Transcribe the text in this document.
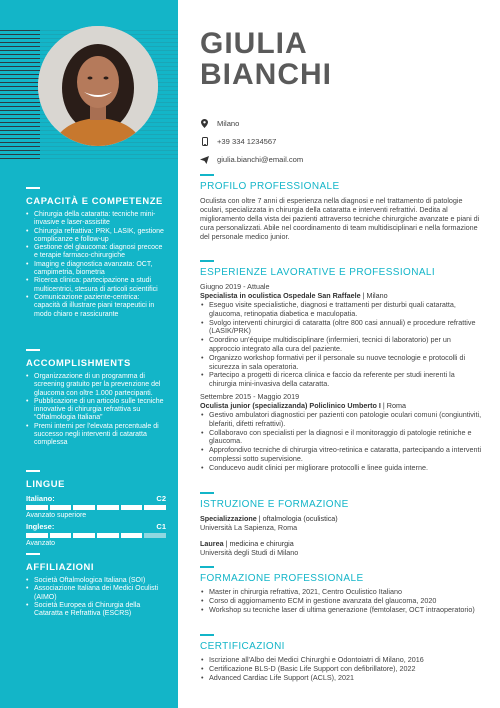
CAPACITÀ E COMPETENZE
• Chirurgia della cataratta: tecniche mini-invasive e laser-assistite
• Chirurgia refrattiva: PRK, LASIK, gestione complicanze e follow-up
• Gestione del glaucoma: diagnosi precoce e terapie farmaco-chirurgiche
• Imaging e diagnostica avanzata: OCT, campimetria, biometria
• Ricerca clinica: partecipazione a studi multicentrici, stesura di articoli scientifici
• Comunicazione paziente-centrica: capacità di illustrare piani terapeutici in modo chiaro e rassicurante
ACCOMPLISHMENTS
• Organizzazione di un programma di screening gratuito per la prevenzione del glaucoma con oltre 1.000 partecipanti.
• Pubblicazione di un articolo sulle tecniche innovative di chirurgia refrattiva su “Oftalmologia Italiana”
• Premi interni per l'elevata percentuale di successo negli interventi di cataratta complessa
LINGUE
Italiano:	C2
Avanzato superiore
Inglese:	C1
Avanzato
AFFILIAZIONI
• Società Oftalmologica Italiana (SOI)
• Associazione Italiana dei Medici Oculisti (AIMO)
• Società Europea di Chirurgia della Cataratta e Refrattiva (ESCRS)
GIULIA
BIANCHI
Milano
+39 334 1234567
giulia.bianchi@email.com
PROFILO PROFESSIONALE
Oculista con oltre 7 anni di esperienza nella diagnosi e nel trattamento di patologie oculari, specializzata in chirurgia della cataratta e interventi refrattivi. Dedita al miglioramento della vista dei pazienti attraverso tecniche chirurgiche avanzate e piani di cura personalizzati. Abile nel coordinamento di team multidisciplinari e nella formazione del personale medico junior.
ESPERIENZE LAVORATIVE E PROFESSIONALI
Giugno 2019 - Attuale
Specialista in oculistica Ospedale San Raffaele | Milano
• Eseguo visite specialistiche, diagnosi e trattamenti per disturbi quali cataratta, glaucoma, retinopatia diabetica e maculopatia.
• Svolgo interventi chirurgici di cataratta (oltre 800 casi annuali) e procedure refrattive (LASIK/PRK)
• Coordino un'équipe multidisciplinare (infermieri, tecnici di laboratorio) per un approccio integrato alla cura del paziente.
• Organizzo workshop formativi per il personale su nuove tecnologie e protocolli di sicurezza in sala operatoria.
• Partecipo a progetti di ricerca clinica e faccio da referente per studi inerenti la chirurgia mini-invasiva della cataratta.
Settembre 2015 - Maggio 2019
Oculista junior (specializzanda) Policlinico Umberto I | Roma
• Gestivo ambulatori diagnostici per pazienti con patologie oculari comuni (congiuntiviti, blefariti, difetti refrattivi).
• Collaboravo con specialisti per la diagnosi e il monitoraggio di patologie retiniche e glaucoma.
• Approfondivo tecniche di chirurgia vitreo-retinica e cataratta, partecipando a interventi complessi sotto supervisione.
• Conducevo audit clinici per migliorare protocolli e linee guida interne.
ISTRUZIONE E FORMAZIONE
Specializzazione | oftalmologia (oculistica)
Università La Sapienza, Roma
Laurea | medicina e chirurgia
Università degli Studi di Milano
FORMAZIONE PROFESSIONALE
• Master in chirurgia refrattiva, 2021, Centro Oculistico Italiano
• Corso di aggiornamento ECM in gestione avanzata del glaucoma, 2020
• Workshop su tecniche laser di ultima generazione (femtolaser, OCT intraoperatorio)
CERTIFICAZIONI
• Iscrizione all'Albo dei Medici Chirurghi e Odontoiatri di Milano, 2016
• Certificazione BLS-D (Basic Life Support con defibrillatore), 2022
• Advanced Cardiac Life Support (ACLS), 2021
